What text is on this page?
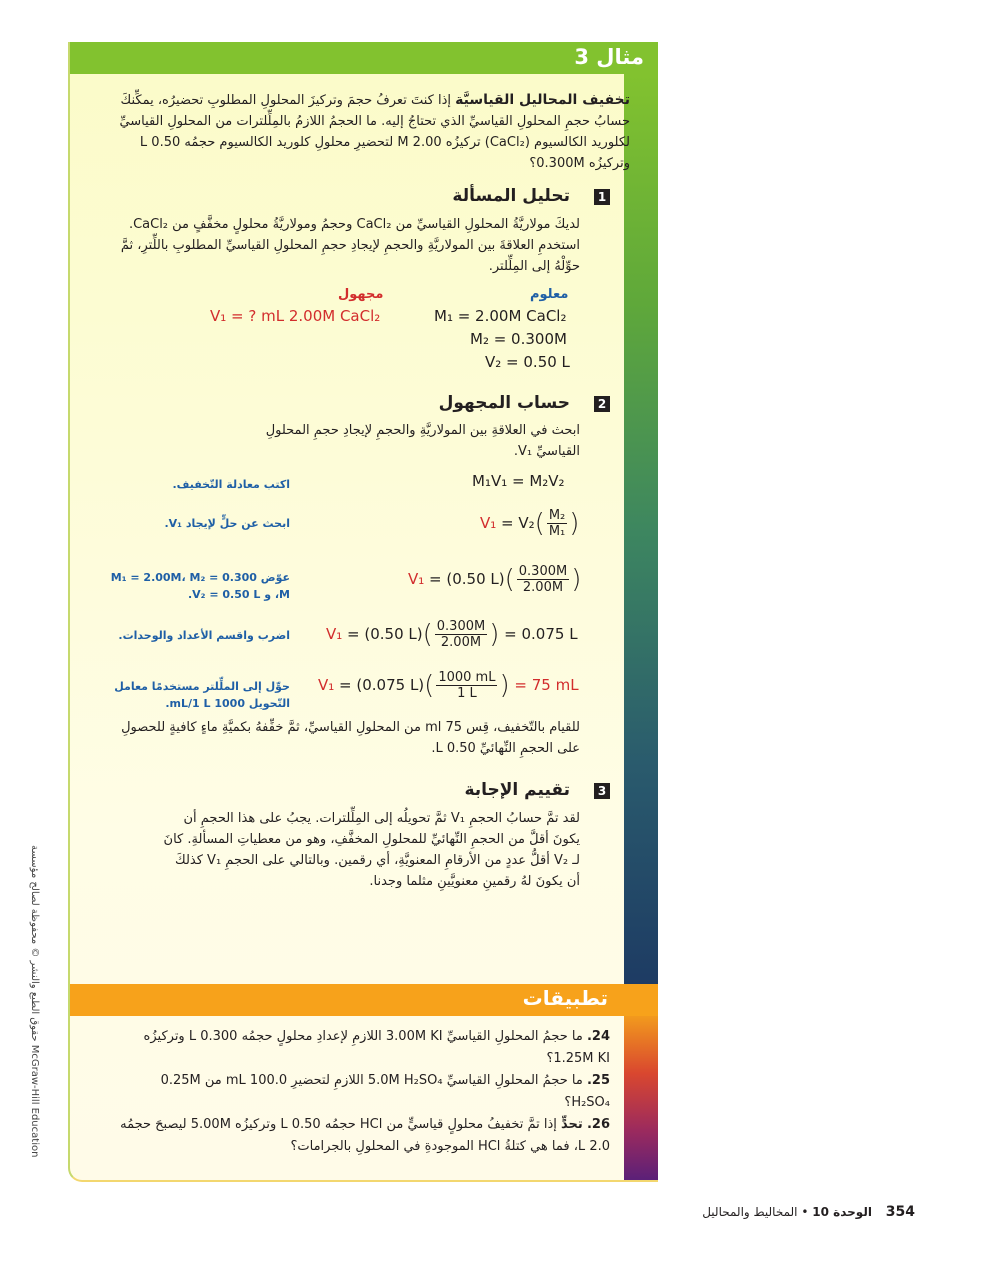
مثال 3
تخفيف المحاليل القياسيَّة إذا كنتَ تعرفُ حجمَ وتركيزَ المحلولِ المطلوبِ تحضيرُه، يمكِّنكَ حسابُ حجمِ المحلولِ القياسيِّ الذي تحتاجُ إليه. ما الحجمُ اللازمُ بالمِلِّلترات من المحلولِ القياسيِّ لكلوريد الكالسيوم (CaCl₂) تركيزُه 2.00 M لتحضيرِ محلولِ كلوريد الكالسيوم حجمُه 0.50 L وتركيزُه 0.300M؟
1
تحليل المسألة
لديكَ مولاريَّةُ المحلولِ القياسيِّ من CaCl₂ وحجمُ ومولاريَّةُ محلولٍ مخفَّفٍ من CaCl₂. استخدمِ العلاقةَ بين المولاريَّةِ والحجمِ لإيجادِ حجمِ المحلولِ القياسيِّ المطلوبِ باللِّترِ، ثمَّ حوِّلْهُ إلى المِلِّلتر.
معلوم
مجهول
M₁ = 2.00M CaCl₂
M₂ = 0.300M
V₂ = 0.50 L
V₁ = ? mL 2.00M CaCl₂
2
حساب المجهول
ابحث في العلاقةِ بين المولاريَّةِ والحجمِ لإيجادِ حجمِ المحلولِ القياسيِّ V₁.
اكتب معادلة التّخفيف.	M₁V₁ = M₂V₂
ابحث عن حلٍّ لإيجاد V₁.	$V_1 = V_2( \frac{\text{M₂}}{\text{M₁}}$ )
عوّض M₁ = 2.00M، M₂ = 0.300 M، و V₂ = 0.50 L.
V₁ = (0.50 $L)( \frac{0.300M}{2.00M}$ )
اضرب واقسم الأعداد والوحدات. V₁ = (0.50 $L)( \frac{0.300M}{2.00M}$ ) = 0.075 L
حوِّل إلى الملِّلتر مستخدمًا معامل التّحويل 1000 mL/1 L.
V₁ = (0.075 $L)( \frac{1000 mL}{1 L}$ ) = 75 mL
للقيام بالتّخفيف، قِس 75 ml من المحلولِ القياسيِّ، ثمَّ خفِّفهُ بكميَّةِ ماءٍ كافيةٍ للحصولِ على الحجمِ النِّهائيِّ 0.50 L.
3
تقييم الإجابة
لقد تمَّ حسابُ الحجمِ V₁ ثمَّ تحويلُه إلى المِلِّلترات. يجبُ على هذا الحجمِ أن يكونَ أقلَّ من الحجمِ النِّهائيِّ للمحلولِ المخفَّفِ، وهو من معطياتِ المسألةِ. كانَ لـ V₂ أقلُّ عددٍ من الأرقامِ المعنويَّةِ، أي رقمين. وبالتالي على الحجمِ V₁ كذلكَ أن يكونَ لهُ رقمينِ معنويَّينِ مثلما وجدنا.
تطبيقات
24. ما حجمُ المحلولِ القياسيِّ 3.00M KI اللازمِ لإعدادِ محلولٍ حجمُه 0.300 L وتركيزُه 1.25M KI؟
25. ما حجمُ المحلولِ القياسيِّ 5.0M H₂SO₄ اللازمِ لتحضيرِ 100.0 mL من 0.25M H₂SO₄؟
26. تحدٍّ إذا تمَّ تخفيفُ محلولٍ قياسيٍّ من HCl حجمُه 0.50 L وتركيزُه 5.00M ليصبحَ حجمُه 2.0 L، فما هي كتلةُ HCl الموجودةِ في المحلولِ بالجرامات؟
حقوق الطبع والنشر © محفوظة لصالح مؤسسة McGraw-Hill Education
354 الوحدة 10 • المخاليط والمحاليل
